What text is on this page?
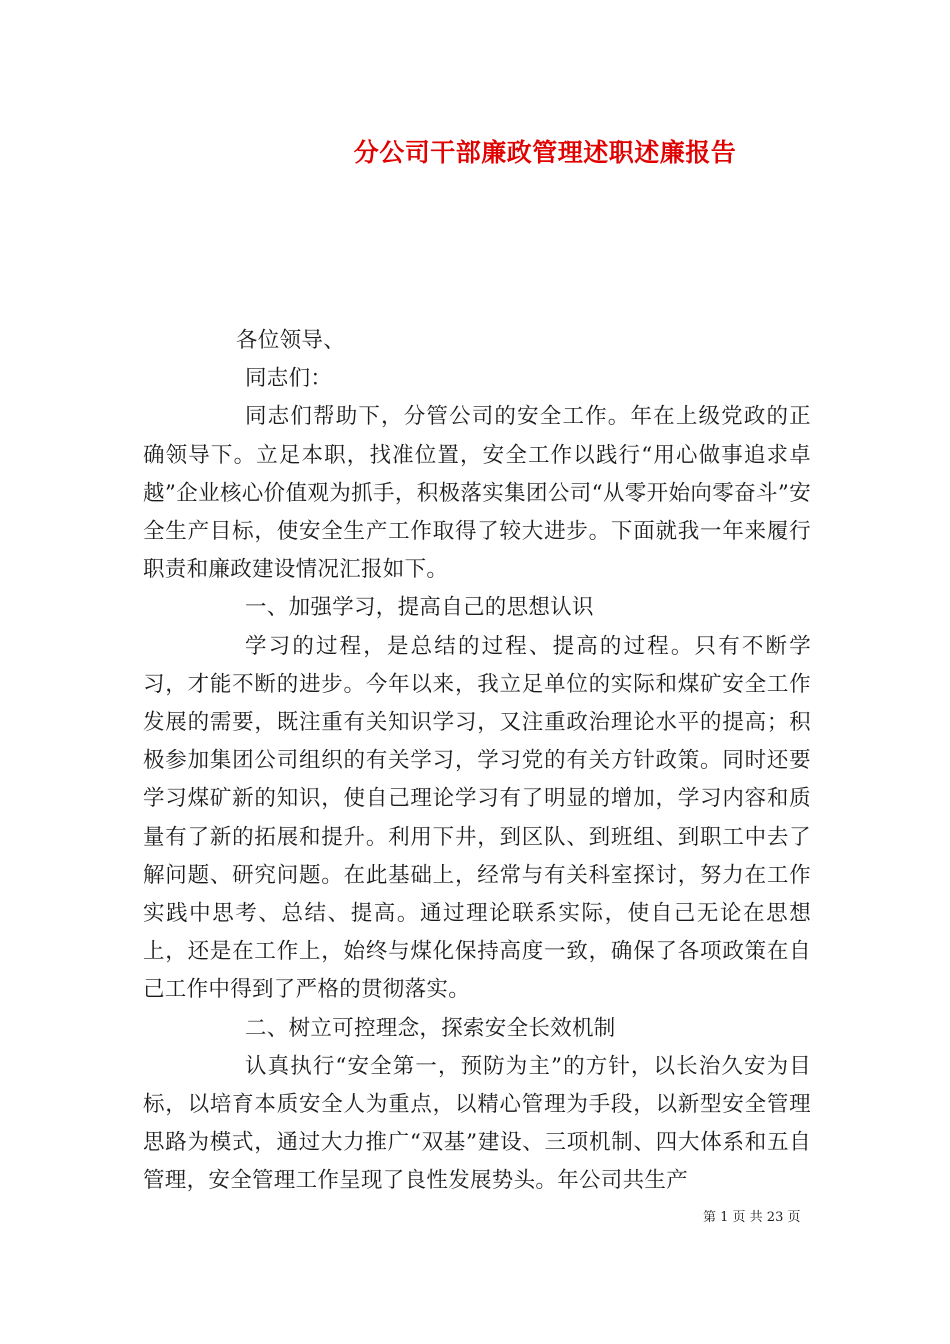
分公司干部廉政管理述职述廉报告

各位领导、

同志们：

同志们帮助下，分管公司的安全工作。年在上级党政的正确领导下。立足本职，找准位置，安全工作以践行“用心做事追求卓越”企业核心价值观为抓手，积极落实集团公司“从零开始向零奋斗”安全生产目标，使安全生产工作取得了较大进步。下面就我一年来履行职责和廉政建设情况汇报如下。

一、加强学习，提高自己的思想认识

学习的过程，是总结的过程、提高的过程。只有不断学习，才能不断的进步。今年以来，我立足单位的实际和煤矿安全工作发展的需要，既注重有关知识学习，又注重政治理论水平的提高；积极参加集团公司组织的有关学习，学习党的有关方针政策。同时还要学习煤矿新的知识，使自己理论学习有了明显的增加，学习内容和质量有了新的拓展和提升。利用下井，到区队、到班组、到职工中去了解问题、研究问题。在此基础上，经常与有关科室探讨，努力在工作实践中思考、总结、提高。通过理论联系实际，使自己无论在思想上，还是在工作上，始终与煤化保持高度一致，确保了各项政策在自己工作中得到了严格的贯彻落实。

二、树立可控理念，探索安全长效机制

认真执行“安全第一，预防为主”的方针，以长治久安为目标，以培育本质安全人为重点，以精心管理为手段，以新型安全管理思路为模式，通过大力推广“双基”建设、三项机制、四大体系和五自管理，安全管理工作呈现了良性发展势头。年公司共生产

第 1 页 共 23 页
